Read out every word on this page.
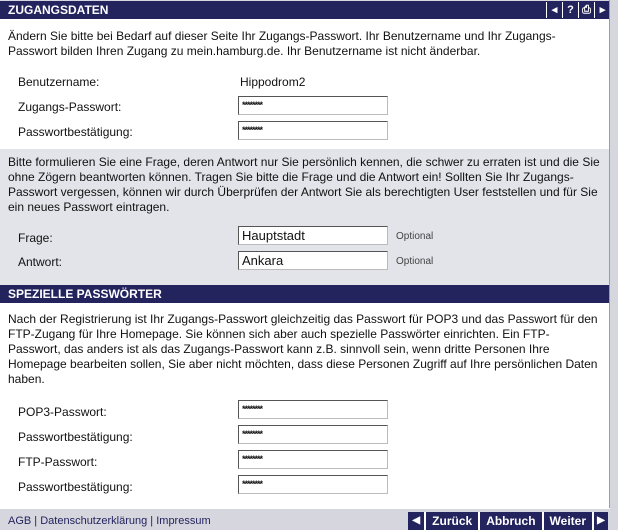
ZUGANGSDATEN	◂ ? ⎙ ▸
Ändern Sie bitte bei Bedarf auf dieser Seite Ihr Zugangs-Passwort. Ihr Benutzername und Ihr Zugangs-Passwort bilden Ihren Zugang zu mein.hamburg.de. Ihr Benutzername ist nicht änderbar.
Benutzername:	Hippodrom2
Zugangs-Passwort:	********
Passwortbestätigung:	********
Bitte formulieren Sie eine Frage, deren Antwort nur Sie persönlich kennen, die schwer zu erraten ist und die Sie ohne Zögern beantworten können. Tragen Sie bitte die Frage und die Antwort ein! Sollten Sie Ihr Zugangs-Passwort vergessen, können wir durch Überprüfen der Antwort Sie als berechtigten User feststellen und für Sie ein neues Passwort eintragen.
Frage:	Hauptstadt	Optional
Antwort:	Ankara	Optional
SPEZIELLE PASSWÖRTER
Nach der Registrierung ist Ihr Zugangs-Passwort gleichzeitig das Passwort für POP3 und das Passwort für den FTP-Zugang für Ihre Homepage. Sie können sich aber auch spezielle Passwörter einrichten. Ein FTP-Passwort, das anders ist als das Zugangs-Passwort kann z.B. sinnvoll sein, wenn dritte Personen Ihre Homepage bearbeiten sollen, Sie aber nicht möchten, dass diese Personen Zugriff auf Ihre persönlichen Daten haben.
POP3-Passwort:	********
Passwortbestätigung:	********
FTP-Passwort:	********
Passwortbestätigung:	********
AGB | Datenschutzerklärung | Impressum	◀	Zurück	Abbruch	Weiter	▶
